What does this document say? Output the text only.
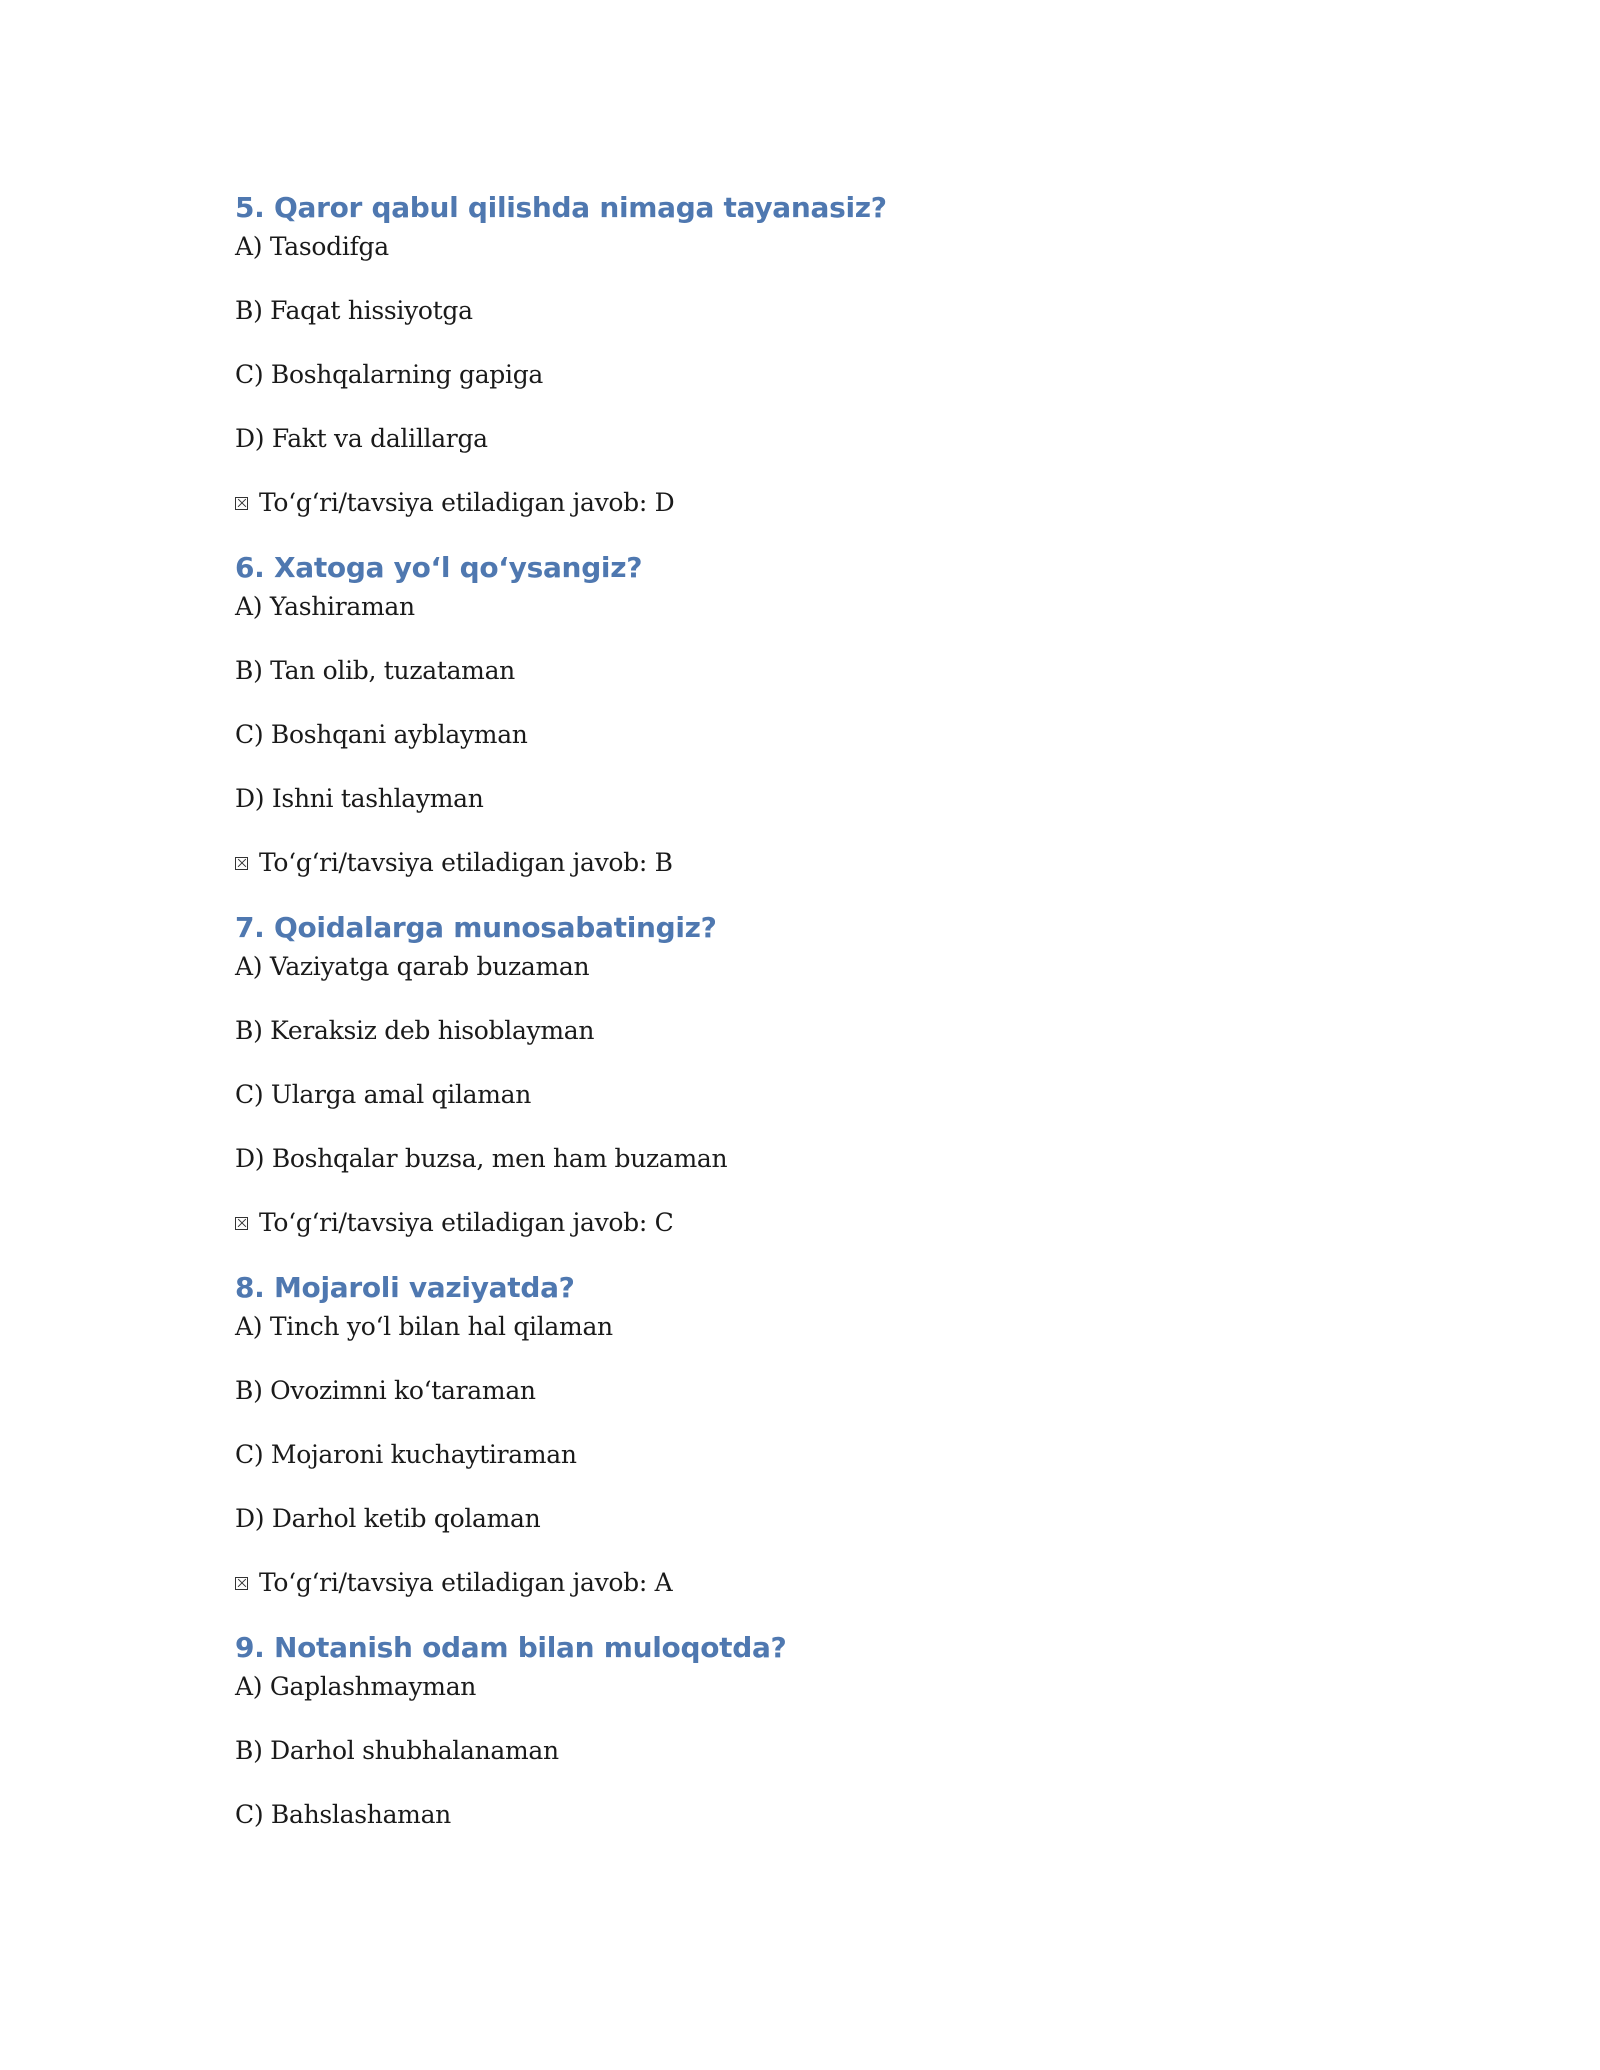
5. Qaror qabul qilishda nimaga tayanasiz?
A) Tasodifga
B) Faqat hissiyotga
C) Boshqalarning gapiga
D) Fakt va dalillarga
To‘g‘ri/tavsiya etiladigan javob: D
6. Xatoga yo‘l qo‘ysangiz?
A) Yashiraman
B) Tan olib, tuzataman
C) Boshqani ayblayman
D) Ishni tashlayman
To‘g‘ri/tavsiya etiladigan javob: B
7. Qoidalarga munosabatingiz?
A) Vaziyatga qarab buzaman
B) Keraksiz deb hisoblayman
C) Ularga amal qilaman
D) Boshqalar buzsa, men ham buzaman
To‘g‘ri/tavsiya etiladigan javob: C
8. Mojaroli vaziyatda?
A) Tinch yo‘l bilan hal qilaman
B) Ovozimni ko‘taraman
C) Mojaroni kuchaytiraman
D) Darhol ketib qolaman
To‘g‘ri/tavsiya etiladigan javob: A
9. Notanish odam bilan muloqotda?
A) Gaplashmayman
B) Darhol shubhalanaman
C) Bahslashaman
